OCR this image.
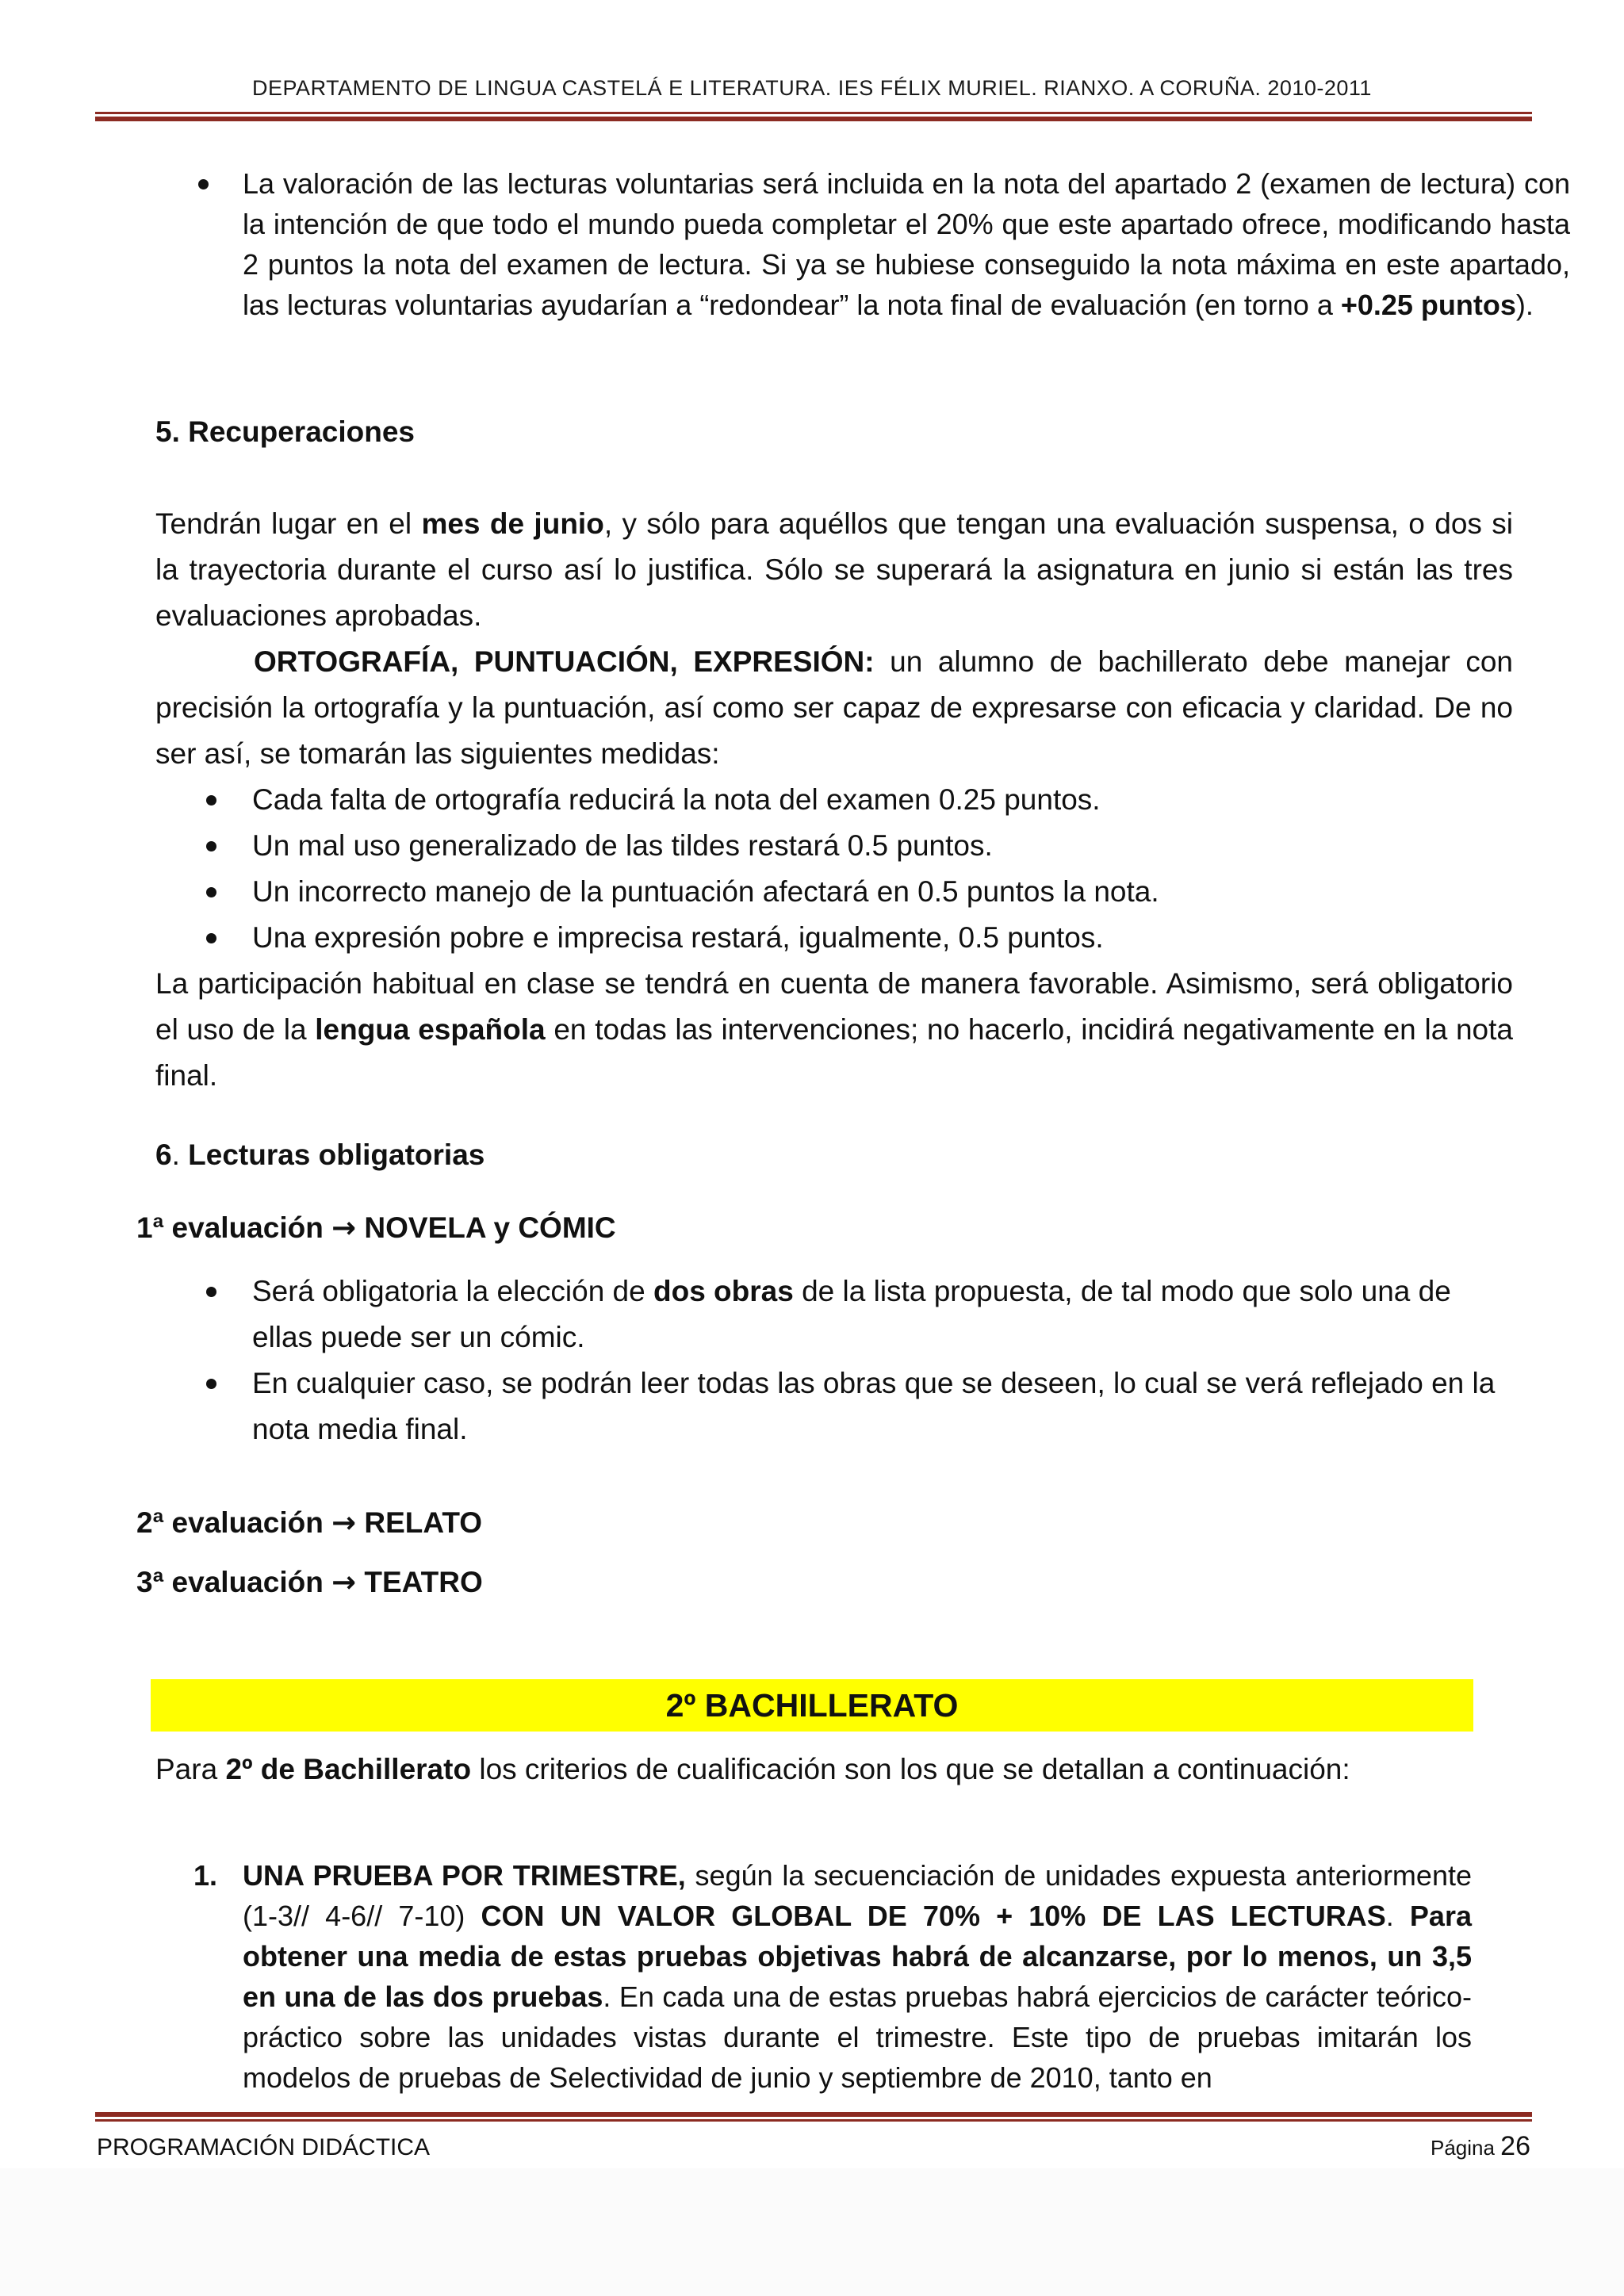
DEPARTAMENTO DE LINGUA CASTELÁ E LITERATURA. IES FÉLIX MURIEL. RIANXO. A CORUÑA. 2010-2011
La valoración de las lecturas voluntarias será incluida en la nota del apartado 2 (examen de lectura) con la intención de que todo el mundo pueda completar el 20% que este apartado ofrece, modificando hasta 2 puntos la nota del examen de lectura. Si ya se hubiese conseguido la nota máxima en este apartado, las lecturas voluntarias ayudarían a “redondear” la nota final de evaluación (en torno a +0.25 puntos).
5. Recuperaciones
Tendrán lugar en el mes de junio, y sólo para aquéllos que tengan una evaluación suspensa, o dos si la trayectoria durante el curso así lo justifica. Sólo se superará la asignatura en junio si están las tres evaluaciones aprobadas.
ORTOGRAFÍA, PUNTUACIÓN, EXPRESIÓN: un alumno de bachillerato debe manejar con precisión la ortografía y la puntuación, así como ser capaz de expresarse con eficacia y claridad. De no ser así, se tomarán las siguientes medidas:
Cada falta de ortografía reducirá la nota del examen 0.25 puntos.
Un mal uso generalizado de las tildes restará 0.5 puntos.
Un incorrecto manejo de la puntuación afectará en 0.5 puntos la nota.
Una expresión pobre e imprecisa restará, igualmente, 0.5 puntos.
La participación habitual en clase se tendrá en cuenta de manera favorable. Asimismo, será obligatorio el uso de la lengua española en todas las intervenciones; no hacerlo, incidirá negativamente en la nota final.
6. Lecturas obligatorias
1ª evaluación → NOVELA y CÓMIC
Será obligatoria la elección de dos obras de la lista propuesta, de tal modo que solo una de ellas puede ser un cómic.
En cualquier caso, se podrán leer todas las obras que se deseen, lo cual se verá reflejado en la nota media final.
2ª evaluación → RELATO
3ª evaluación → TEATRO
2º BACHILLERATO
Para 2º de Bachillerato los criterios de cualificación son los que se detallan a continuación:
1. UNA PRUEBA POR TRIMESTRE, según la secuenciación de unidades expuesta anteriormente (1-3// 4-6// 7-10) CON UN VALOR GLOBAL DE 70% + 10% DE LAS LECTURAS. Para obtener una media de estas pruebas objetivas habrá de alcanzarse, por lo menos, un 3,5 en una de las dos pruebas. En cada una de estas pruebas habrá ejercicios de carácter teórico-práctico sobre las unidades vistas durante el trimestre. Este tipo de pruebas imitarán los modelos de pruebas de Selectividad de junio y septiembre de 2010, tanto en
PROGRAMACIÓN DIDÁCTICA	Página 26
